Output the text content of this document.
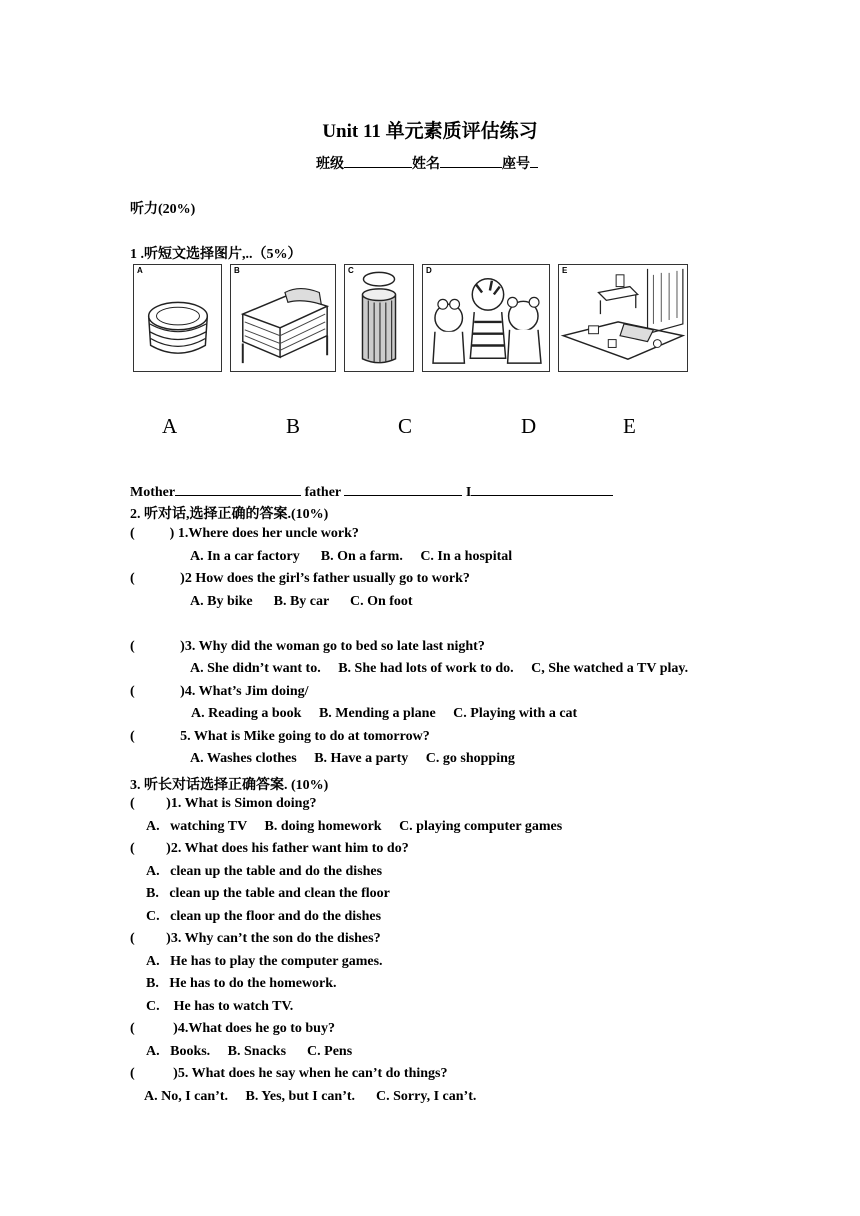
Unit 11 单元素质评估练习
班级	姓名	座号
听力(20%)
1 .听短文选择图片,..（5%）
A	B	C	D	E
A	B	C	D	E
Mother	father	I
2. 听对话,选择正确的答案.(10%)
(          ) 1.Where does her uncle work?
A. In a car factory      B. On a farm.     C. In a hospital
(             )2 How does the girl’s father usually go to work?
A. By bike      B. By car      C. On foot
(             )3. Why did the woman go to bed so late last night?
A. She didn’t want to.     B. She had lots of work to do.     C, She watched a TV play.
(             )4. What’s Jim doing/
A. Reading a book     B. Mending a plane     C. Playing with a cat
(             5. What is Mike going to do at tomorrow?
A. Washes clothes     B. Have a party     C. go shopping
3. 听长对话选择正确答案. (10%)
(         )1. What is Simon doing?
A.   watching TV     B. doing homework     C. playing computer games
(         )2. What does his father want him to do?
A.   clean up the table and do the dishes
B.   clean up the table and clean the floor
C.   clean up the floor and do the dishes
(         )3. Why can’t the son do the dishes?
A.   He has to play the computer games.
B.   He has to do the homework.
C.    He has to watch TV.
(           )4.What does he go to buy?
A.   Books.     B. Snacks      C. Pens
(           )5. What does he say when he can’t do things?
A. No, I can’t.     B. Yes, but I can’t.      C. Sorry, I can’t.
